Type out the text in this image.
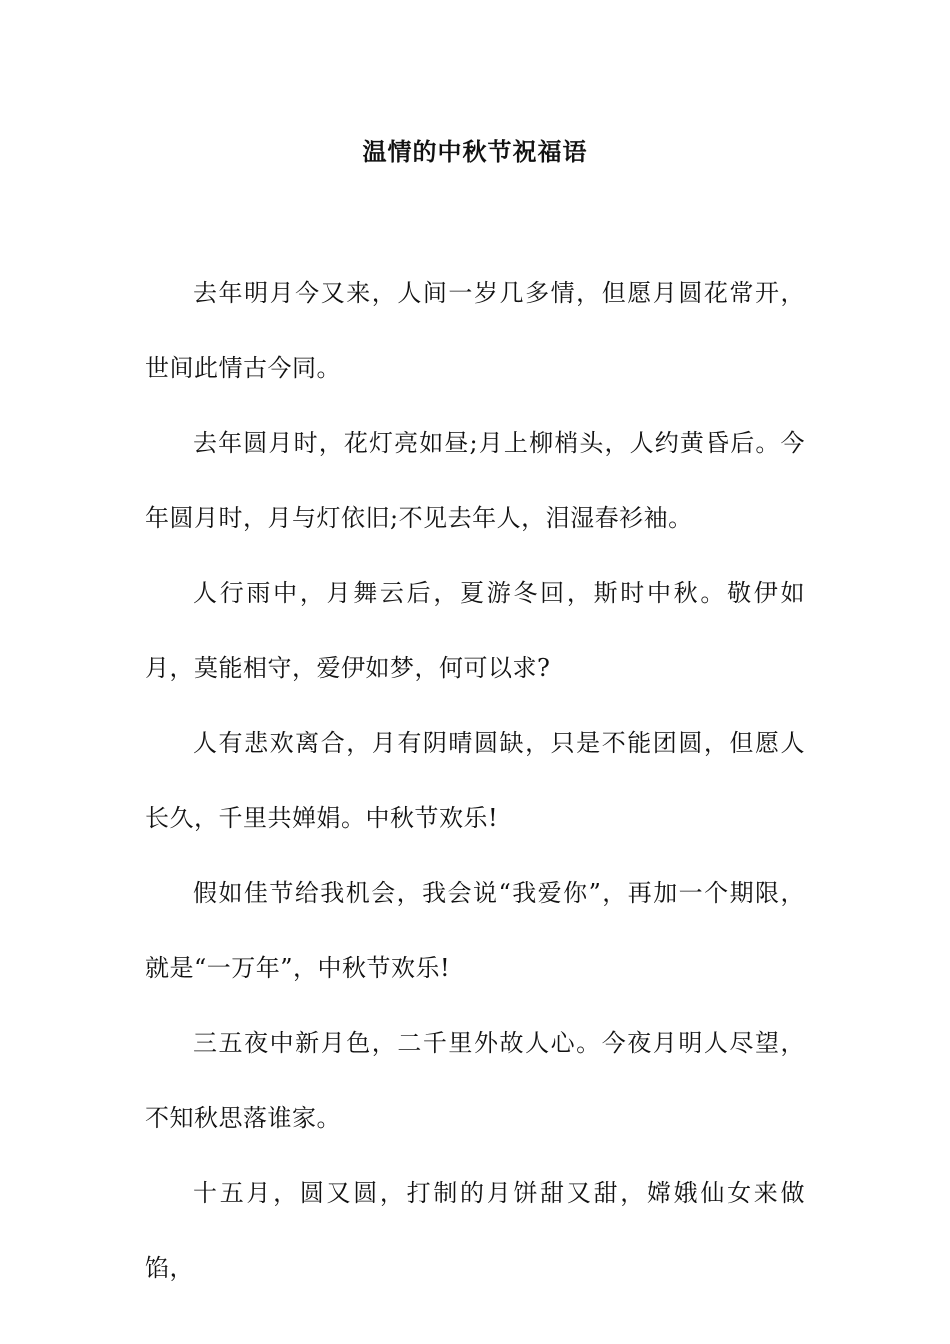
温情的中秋节祝福语

去年明月今又来，人间一岁几多情，但愿月圆花常开，世间此情古今同。

去年圆月时，花灯亮如昼;月上柳梢头，人约黄昏后。今年圆月时，月与灯依旧;不见去年人，泪湿春衫袖。

人行雨中，月舞云后，夏游冬回，斯时中秋。敬伊如月，莫能相守，爱伊如梦，何可以求?

人有悲欢离合，月有阴晴圆缺，只是不能团圆，但愿人长久，千里共婵娟。中秋节欢乐!

假如佳节给我机会，我会说“我爱你”，再加一个期限，就是“一万年”，中秋节欢乐!

三五夜中新月色，二千里外故人心。今夜月明人尽望，不知秋思落谁家。

十五月，圆又圆，打制的月饼甜又甜，嫦娥仙女来做馅，
